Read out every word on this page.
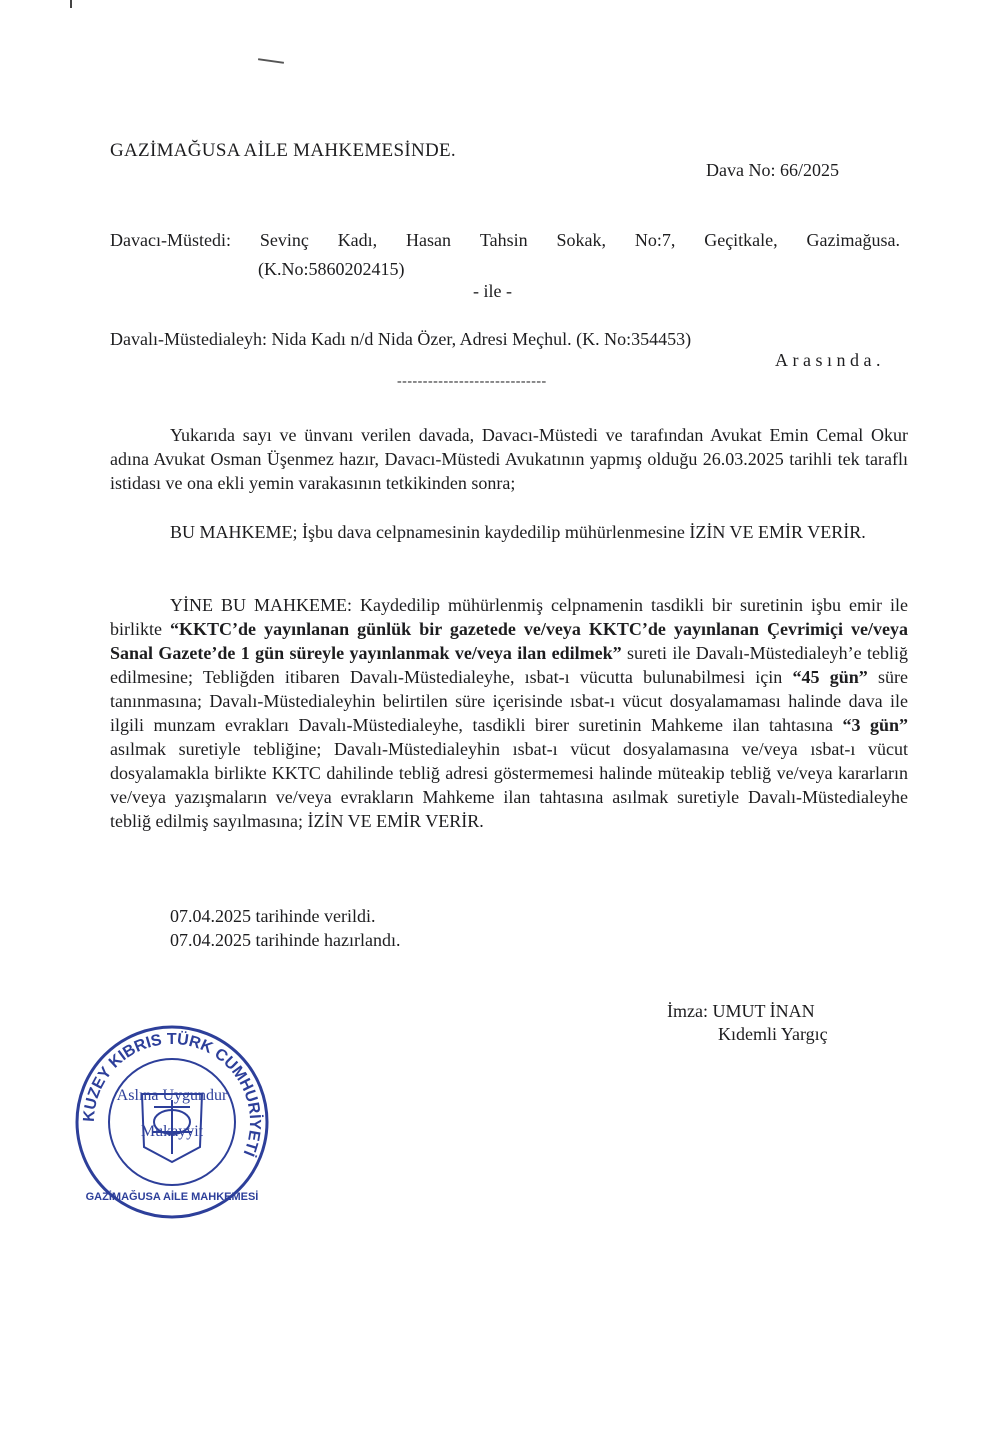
GAZİMAĞUSA AİLE MAHKEMESİNDE.
Dava No: 66/2025
Davacı-Müstedi: Sevinç Kadı, Hasan Tahsin Sokak, No:7, Geçitkale, Gazimağusa.
(K.No:5860202415)
- ile -
Davalı-Müstedialeyh: Nida Kadı n/d Nida Özer, Adresi Meçhul. (K. No:354453)
Arasında.
-----------------------------
Yukarıda sayı ve ünvanı verilen davada, Davacı-Müstedi ve tarafından Avukat Emin Cemal Okur adına Avukat Osman Üşenmez hazır, Davacı-Müstedi Avukatının yapmış olduğu 26.03.2025 tarihli tek taraflı istidası ve ona ekli yemin varakasının tetkikinden sonra;
BU MAHKEME; İşbu dava celpnamesinin kaydedilip mühürlenmesine İZİN VE EMİR VERİR.
YİNE BU MAHKEME: Kaydedilip mühürlenmiş celpnamenin tasdikli bir suretinin işbu emir ile birlikte “KKTC’de yayınlanan günlük bir gazetede ve/veya KKTC’de yayınlanan Çevrimiçi ve/veya Sanal Gazete’de 1 gün süreyle yayınlanmak ve/veya ilan edilmek” sureti ile Davalı-Müstedialeyh’e tebliğ edilmesine; Tebliğden itibaren Davalı-Müstedialeyhe, ısbat-ı vücutta bulunabilmesi için “45 gün” süre tanınmasına; Davalı-Müstedialeyhin belirtilen süre içerisinde ısbat-ı vücut dosyalamaması halinde dava ile ilgili munzam evrakları Davalı-Müstedialeyhe, tasdikli birer suretinin Mahkeme ilan tahtasına “3 gün” asılmak suretiyle tebliğine; Davalı-Müstedialeyhin ısbat-ı vücut dosyalamasına ve/veya ısbat-ı vücut dosyalamakla birlikte KKTC dahilinde tebliğ adresi göstermemesi halinde müteakip tebliğ ve/veya kararların ve/veya yazışmaların ve/veya evrakların Mahkeme ilan tahtasına asılmak suretiyle Davalı-Müstedialeyhe tebliğ edilmiş sayılmasına; İZİN VE EMİR VERİR.
07.04.2025 tarihinde verildi.
07.04.2025 tarihinde hazırlandı.
İmza: UMUT İNAN
Kıdemli Yargıç
KUZEY KIBRIS TÜRK CUMHURİYETİ
Aslına Uygundur
Mukayyit
GAZİMAĞUSA AİLE MAHKEMESİ
